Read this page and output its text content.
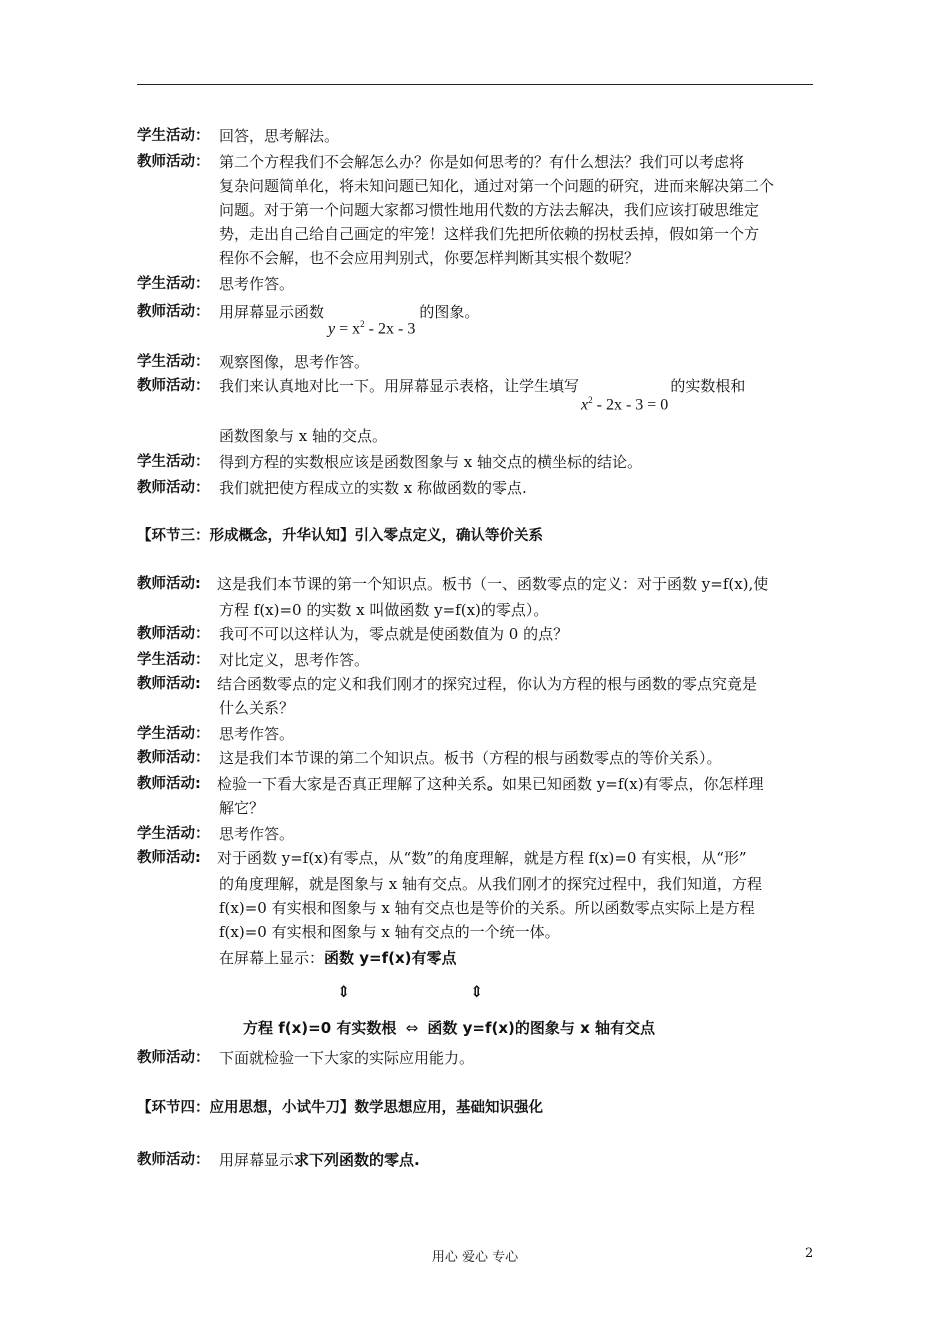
学生活动： 回答，思考解法。
教师活动： 第二个方程我们不会解怎么办？你是如何思考的？有什么想法？我们可以考虑将
复杂问题简单化，将未知问题已知化，通过对第一个问题的研究，进而来解决第二个
问题。对于第一个问题大家都习惯性地用代数的方法去解决，我们应该打破思维定
势，走出自己给自己画定的牢笼！这样我们先把所依赖的拐杖丢掉，假如第一个方
程你不会解，也不会应用判别式，你要怎样判断其实根个数呢？
学生活动： 思考作答。
教师活动： 用屏幕显示函数
$y = x^2 - 2x - 3$
的图象。
学生活动： 观察图像，思考作答。
教师活动： 我们来认真地对比一下。用屏幕显示表格，让学生填写
$x^2 - 2x - 3 = 0$
的实数根和
函数图象与 x 轴的交点。
学生活动： 得到方程的实数根应该是函数图象与 x 轴交点的横坐标的结论。
教师活动： 我们就把使方程成立的实数 x 称做函数的零点.
【环节三：形成概念，升华认知】引入零点定义，确认等价关系
教师活动:	这是我们本节课的第一个知识点。板书（一、函数零点的定义：对于函数 y=f(x),使
方程 f(x)=0 的实数 x 叫做函数 y=f(x)的零点）。
教师活动： 我可不可以这样认为，零点就是使函数值为 0 的点？
学生活动： 对比定义，思考作答。
教师活动:	结合函数零点的定义和我们刚才的探究过程，你认为方程的根与函数的零点究竟是
什么关系？
学生活动： 思考作答。
教师活动： 这是我们本节课的第二个知识点。板书（方程的根与函数零点的等价关系）。
教师活动:	检验一下看大家是否真正理解了这种关系 。 如果已知函数 y=f(x)有零点，你怎样理
解它？
学生活动： 思考作答。
教师活动:	对于函数 y=f(x)有零点，从“数”的角度理解，就是方程 f(x)=0 有实根，从“形”
的角度理解，就是图象与 x 轴有交点。从我们刚才的探究过程中，我们知道，方程
f(x)=0 有实根和图象与 x 轴有交点也是等价的关系。所以函数零点实际上是方程
f(x)=0 有实根和图象与 x 轴有交点的一个统一体。
在屏幕上显示：函数 y=f(x)有零点
⇕	⇕
方程 f(x)=0 有实数根 ⇔ 函数 y=f(x)的图象与 x 轴有交点
教师活动： 下面就检验一下大家的实际应用能力。
【环节四：应用思想，小试牛刀】数学思想应用，基础知识强化
教师活动： 用屏幕显示 求下列函数的零点.
用心 爱心 专心	2
